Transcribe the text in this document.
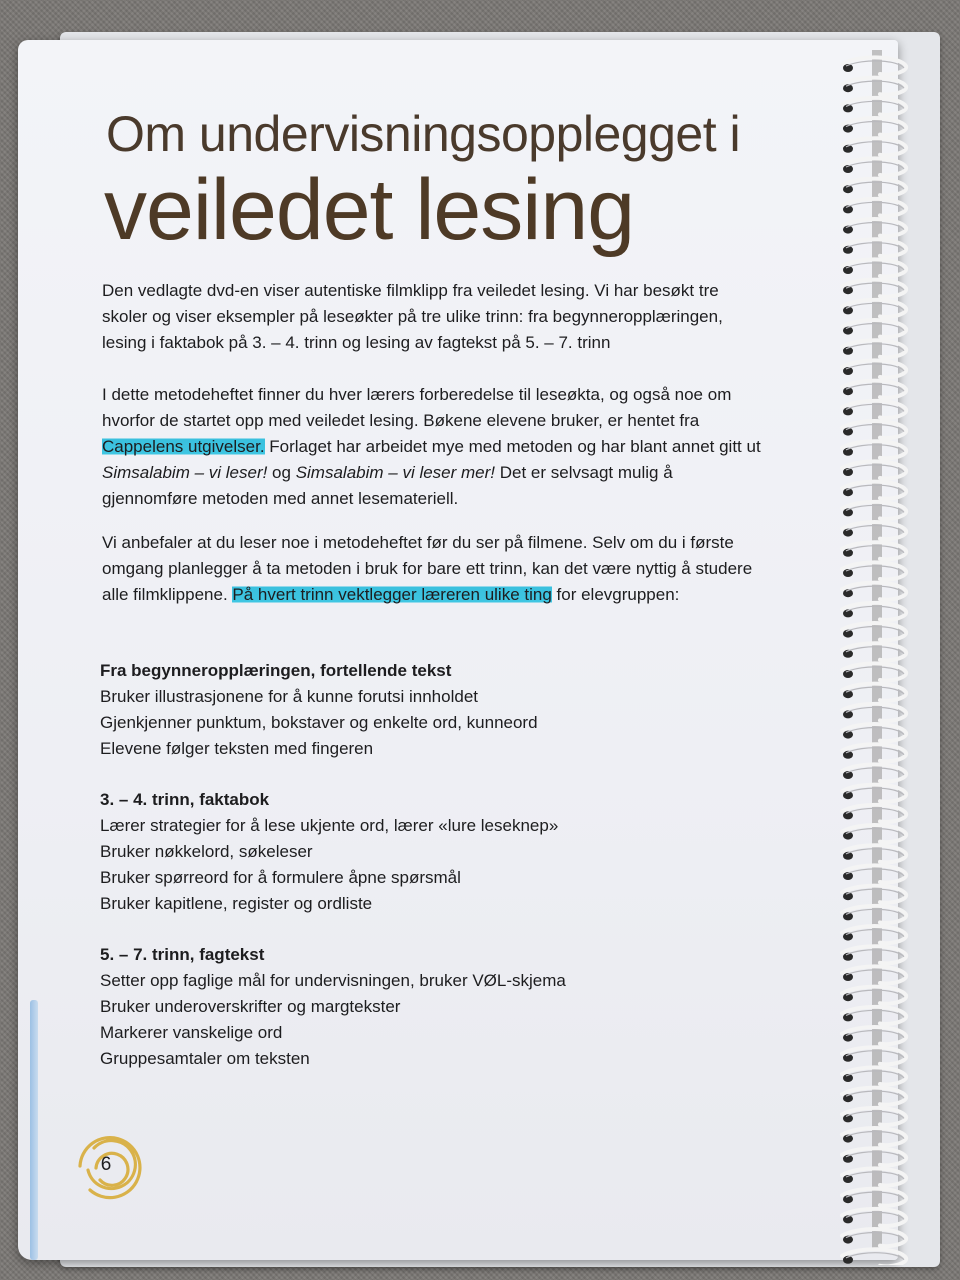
Om undervisningsopplegget i
veiledet lesing

Den vedlagte dvd-en viser autentiske filmklipp fra veiledet lesing. Vi har besøkt tre skoler og viser eksempler på leseøkter på tre ulike trinn: fra begynneropplæringen, lesing i faktabok på 3. – 4. trinn og lesing av fagtekst på 5. – 7. trinn

I dette metodeheftet finner du hver lærers forberedelse til leseøkta, og også noe om hvorfor de startet opp med veiledet lesing. Bøkene elevene bruker, er hentet fra Cappelens utgivelser. Forlaget har arbeidet mye med metoden og har blant annet gitt ut Simsalabim – vi leser! og Simsalabim – vi leser mer! Det er selvsagt mulig å gjennomføre metoden med annet lesemateriell.

Vi anbefaler at du leser noe i metodeheftet før du ser på filmene. Selv om du i første omgang planlegger å ta metoden i bruk for bare ett trinn, kan det være nyttig å studere alle filmklippene. På hvert trinn vektlegger læreren ulike ting for elevgruppen:

Fra begynneropplæringen, fortellende tekst
Bruker illustrasjonene for å kunne forutsi innholdet
Gjenkjenner punktum, bokstaver og enkelte ord, kunneord
Elevene følger teksten med fingeren
3. – 4. trinn, faktabok
Lærer strategier for å lese ukjente ord, lærer «lure leseknep»
Bruker nøkkelord, søkeleser
Bruker spørreord for å formulere åpne spørsmål
Bruker kapitlene, register og ordliste
5. – 7. trinn, fagtekst
Setter opp faglige mål for undervisningen, bruker VØL-skjema
Bruker underoverskrifter og margtekster
Markerer vanskelige ord
Gruppesamtaler om teksten
6
